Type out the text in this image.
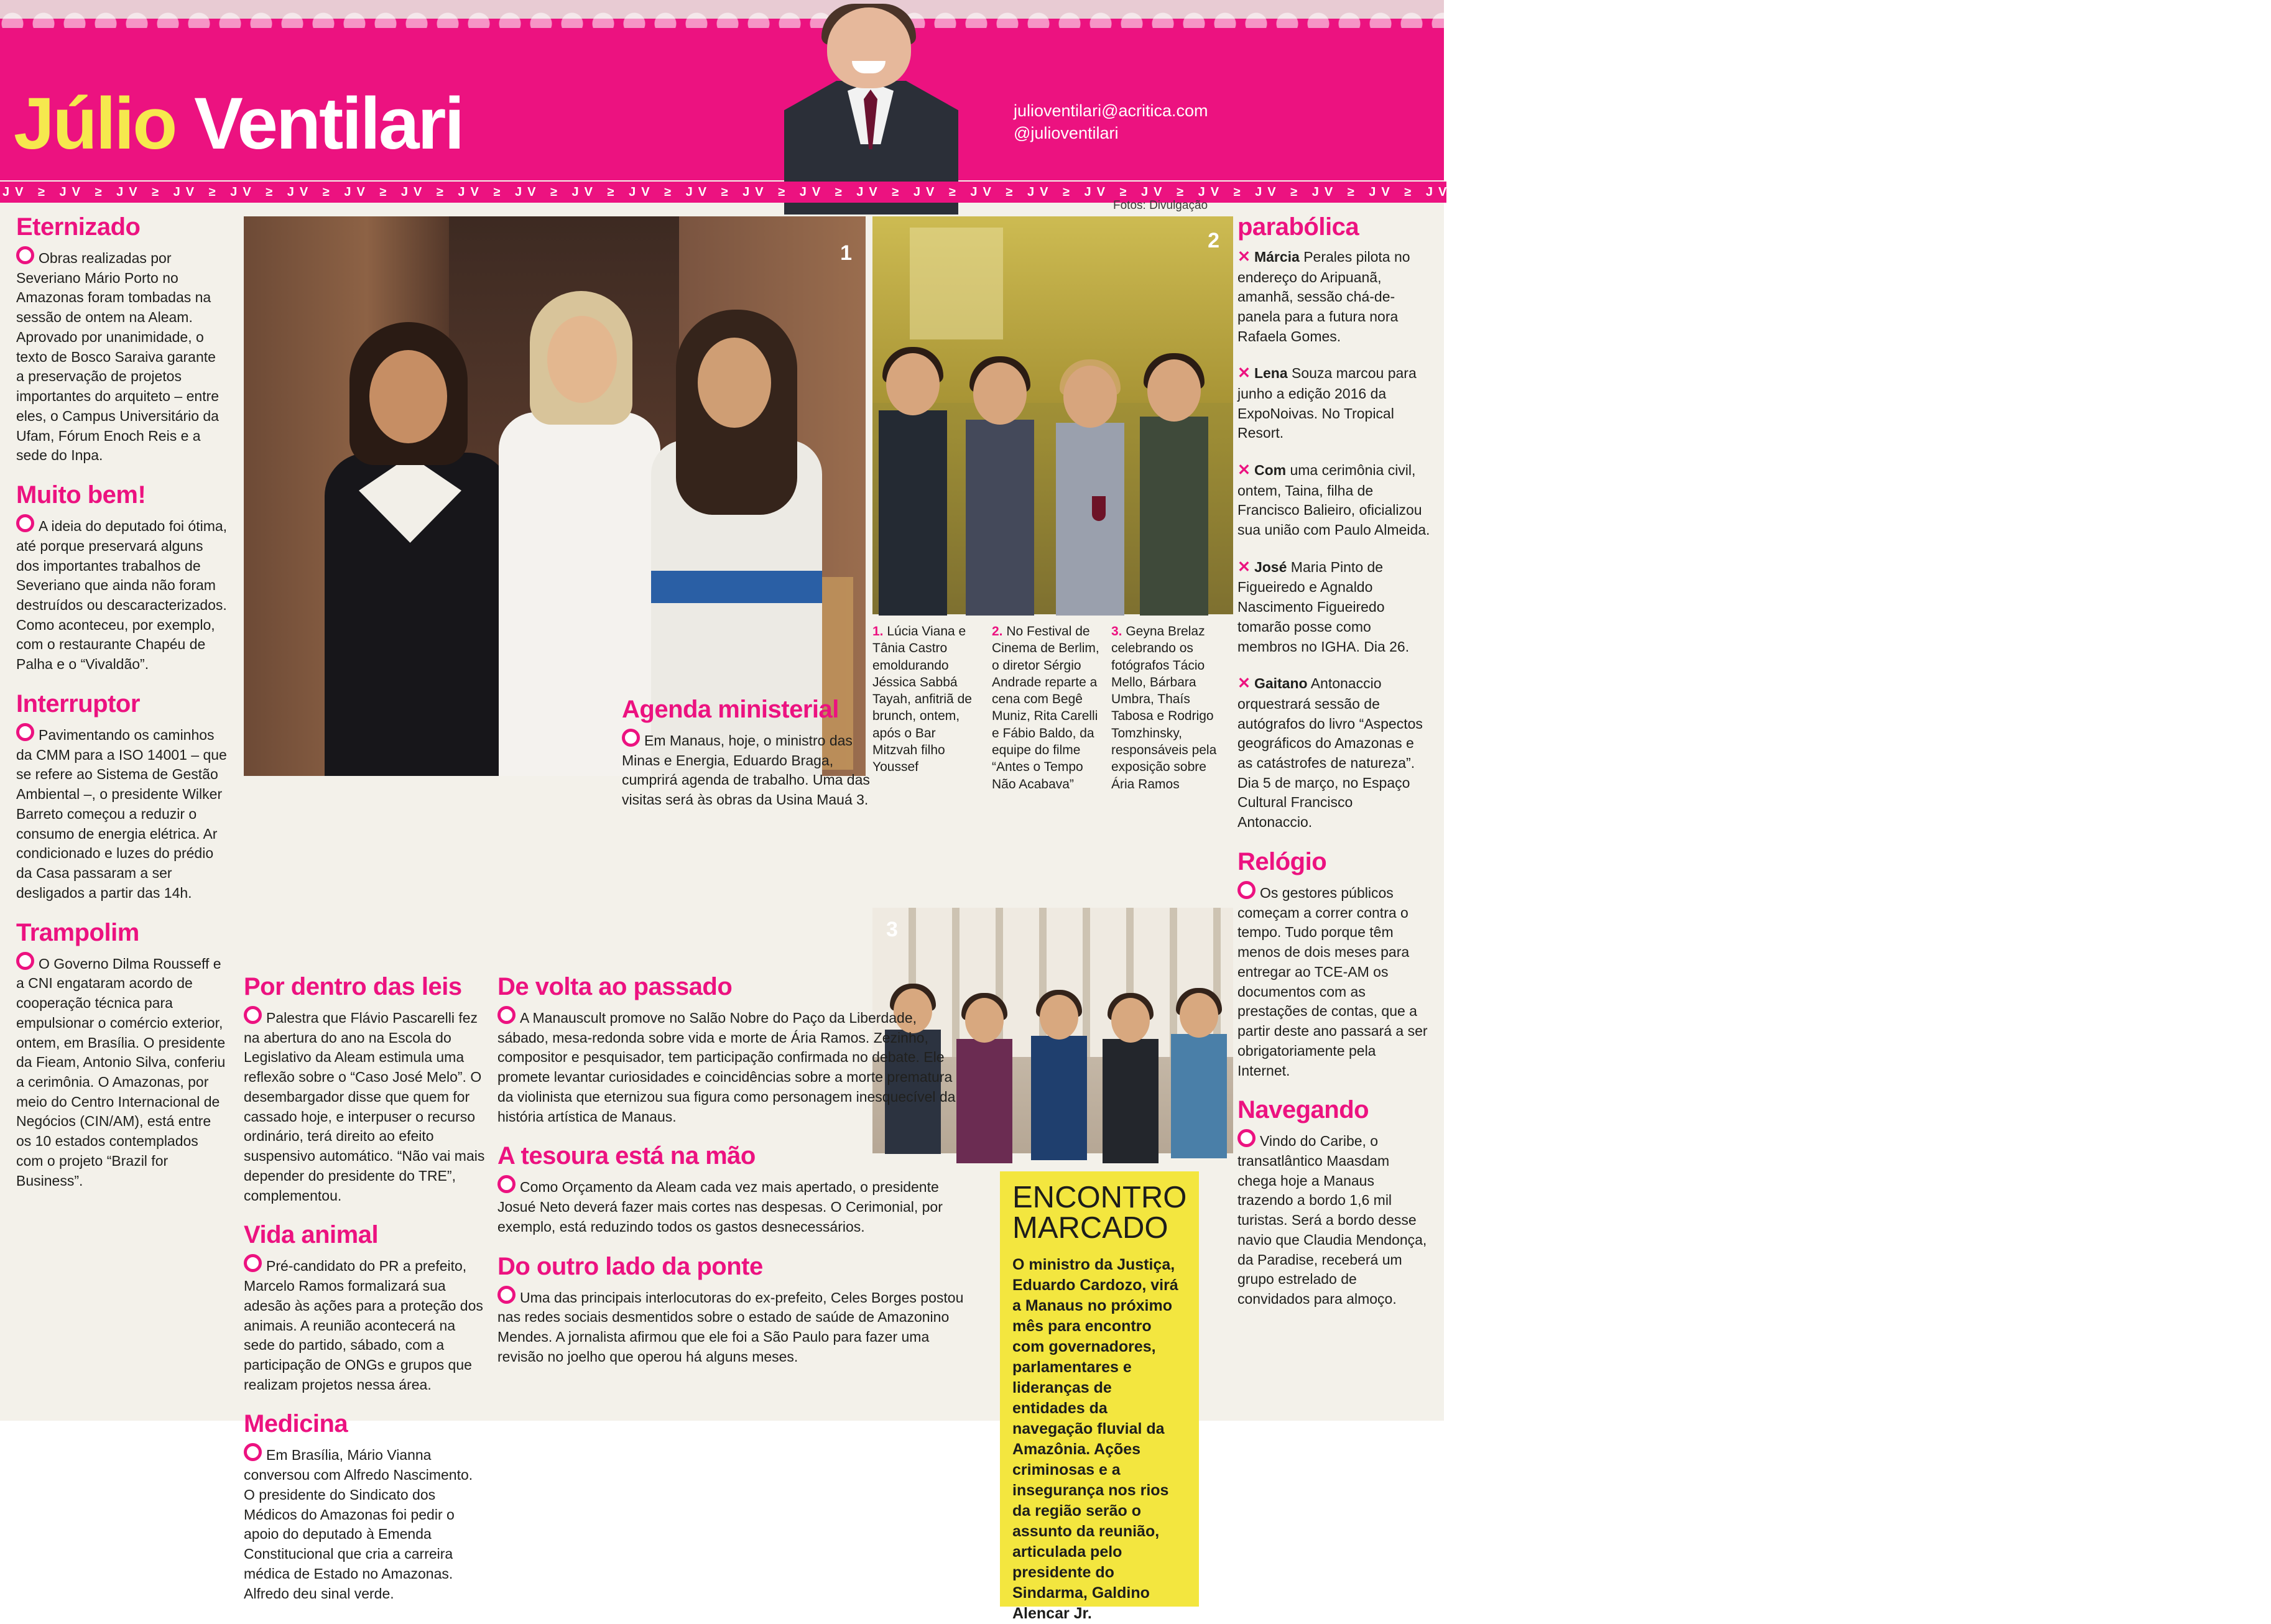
Júlio Ventilari	julioventilari@acritica.com
@julioventilari
JV ≥ JV ≥ JV ≥ JV ≥ JV ≥ JV ≥ JV ≥ JV ≥ JV ≥ JV ≥ JV ≥ JV ≥ JV ≥ JV ≥ JV ≥ JV ≥ JV ≥ JV ≥ JV ≥ JV ≥ JV ≥ JV ≥ JV ≥ JV ≥ JV ≥ JV ≥ JV ≥ JV ≥ JV ≥ JV ≥ JV ≥ JV ≥ JV ≥ JV ≥ JV ≥ JV ≥ JV ≥ JV ≥ JV ≥ JV ≥
Fotos: Divulgação
1
2
1. Lúcia Viana e Tânia Castro emoldurando Jéssica Sabbá Tayah, anfitriã de brunch, ontem, após o Bar Mitzvah filho Youssef
2. No Festival de Cinema de Berlim, o diretor Sérgio Andrade reparte a cena com Begê Muniz, Rita Carelli e Fábio Baldo, da equipe do filme “Antes o Tempo Não Acabava”
3. Geyna Brelaz celebrando os fotógrafos Tácio Mello, Bárbara Umbra, Thaís Tabosa e Rodrigo Tomzhinsky, responsáveis pela exposição sobre Ária Ramos
3
Eternizado

Obras realizadas por Severiano Mário Porto no Amazonas foram tombadas na sessão de ontem na Aleam. Aprovado por unanimidade, o texto de Bosco Saraiva garante a preservação de projetos importantes do arquiteto – entre eles, o Campus Universitário da Ufam, Fórum Enoch Reis e a sede do Inpa.

Muito bem!

A ideia do deputado foi ótima, até porque preservará alguns dos importantes trabalhos de Severiano que ainda não foram destruídos ou descaracterizados. Como aconteceu, por exemplo, com o restaurante Chapéu de Palha e o “Vivaldão”.

Interruptor

Pavimentando os caminhos da CMM para a ISO 14001 – que se refere ao Sistema de Gestão Ambiental –, o presidente Wilker Barreto começou a reduzir o consumo de energia elétrica. Ar condicionado e luzes do prédio da Casa passaram a ser desligados a partir das 14h.

Trampolim

O Governo Dilma Rousseff e a CNI engataram acordo de cooperação técnica para empulsionar o comércio exterior, ontem, em Brasília. O presidente da Fieam, Antonio Silva, conferiu a cerimônia. O Amazonas, por meio do Centro Internacional de Negócios (CIN/AM), está entre os 10 estados contemplados com o projeto “Brazil for Business”.

Por dentro das leis

Palestra que Flávio Pascarelli fez na abertura do ano na Escola do Legislativo da Aleam estimula uma reflexão sobre o “Caso José Melo”. O desembargador disse que quem for cassado hoje, e interpuser o recurso ordinário, terá direito ao efeito suspensivo automático. “Não vai mais depender do presidente do TRE”, complementou.

Vida animal

Pré-candidato do PR a prefeito, Marcelo Ramos formalizará sua adesão às ações para a proteção dos animais. A reunião acontecerá na sede do partido, sábado, com a participação de ONGs e grupos que realizam projetos nessa área.

Medicina

Em Brasília, Mário Vianna conversou com Alfredo Nascimento. O presidente do Sindicato dos Médicos do Amazonas foi pedir o apoio do deputado à Emenda Constitucional que cria a carreira médica de Estado no Amazonas. Alfredo deu sinal verde.

Agenda ministerial

Em Manaus, hoje, o ministro das Minas e Energia, Eduardo Braga, cumprirá agenda de trabalho. Uma das visitas será às obras da Usina Mauá 3.

De volta ao passado

A Manauscult promove no Salão Nobre do Paço da Liberdade, sábado, mesa-redonda sobre vida e morte de Ária Ramos. Zezinho, compositor e pesquisador, tem participação confirmada no debate. Ele promete levantar curiosidades e coincidências sobre a morte prematura da violinista que eternizou sua figura como personagem inesquecível da história artística de Manaus.

A tesoura está na mão

Como Orçamento da Aleam cada vez mais apertado, o presidente Josué Neto deverá fazer mais cortes nas despesas. O Cerimonial, por exemplo, está reduzindo todos os gastos desnecessários.

Do outro lado da ponte

Uma das principais interlocutoras do ex-prefeito, Celes Borges postou nas redes sociais desmentidos sobre o estado de saúde de Amazonino Mendes. A jornalista afirmou que ele foi a São Paulo para fazer uma revisão no joelho que operou há alguns meses.

parabólica

✕ Márcia Perales pilota no endereço do Aripuanã, amanhã, sessão chá-de-panela para a futura nora Rafaela Gomes.

✕ Lena Souza marcou para junho a edição 2016 da ExpoNoivas. No Tropical Resort.

✕ Com uma cerimônia civil, ontem, Taina, filha de Francisco Balieiro, oficializou sua união com Paulo Almeida.

✕ José Maria Pinto de Figueiredo e Agnaldo Nascimento Figueiredo tomarão posse como membros no IGHA. Dia 26.

✕ Gaitano Antonaccio orquestrará sessão de autógrafos do livro “Aspectos geográficos do Amazonas e as catástrofes de natureza”. Dia 5 de março, no Espaço Cultural Francisco Antonaccio.

Relógio

Os gestores públicos começam a correr contra o tempo. Tudo porque têm menos de dois meses para entregar ao TCE-AM os documentos com as prestações de contas, que a partir deste ano passará a ser obrigatoriamente pela Internet.

Navegando

Vindo do Caribe, o transatlântico Maasdam chega hoje a Manaus trazendo a bordo 1,6 mil turistas. Será a bordo desse navio que Claudia Mendonça, da Paradise, receberá um grupo estrelado de convidados para almoço.

ENCONTRO MARCADO

O ministro da Justiça, Eduardo Cardozo, virá a Manaus no próximo mês para encontro com governadores, parlamentares e lideranças de entidades da navegação fluvial da Amazônia. Ações criminosas e a insegurança nos rios da região serão o assunto da reunião, articulada pelo presidente do Sindarma, Galdino Alencar Jr.
